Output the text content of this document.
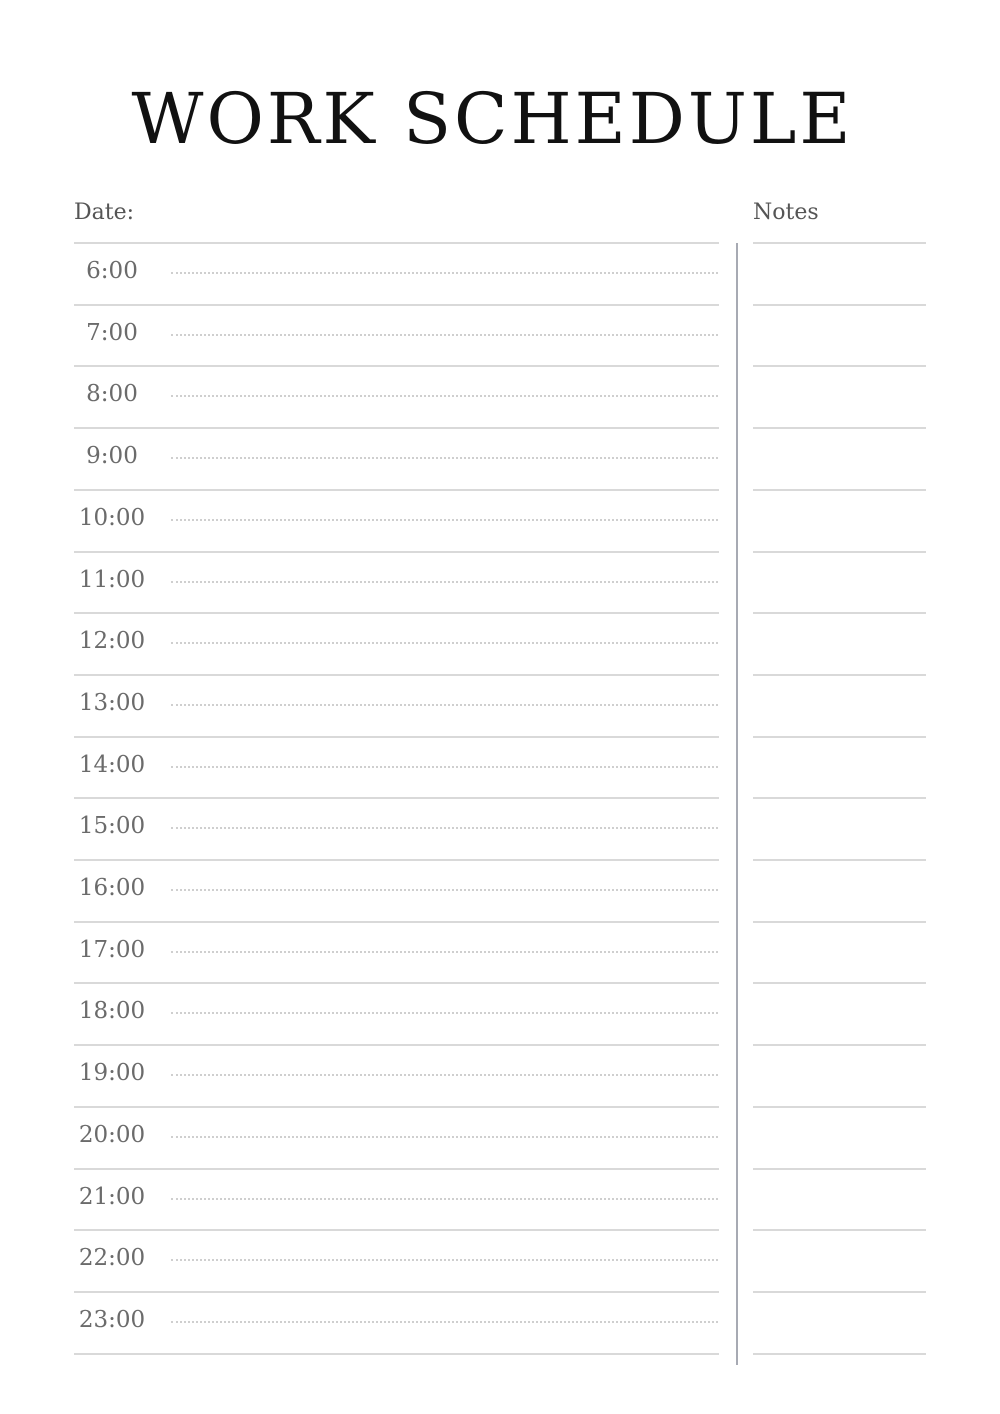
WORK SCHEDULE
Date:	Notes
6:00
7:00
8:00
9:00
10:00
11:00
12:00
13:00
14:00
15:00
16:00
17:00
18:00
19:00
20:00
21:00
22:00
23:00
